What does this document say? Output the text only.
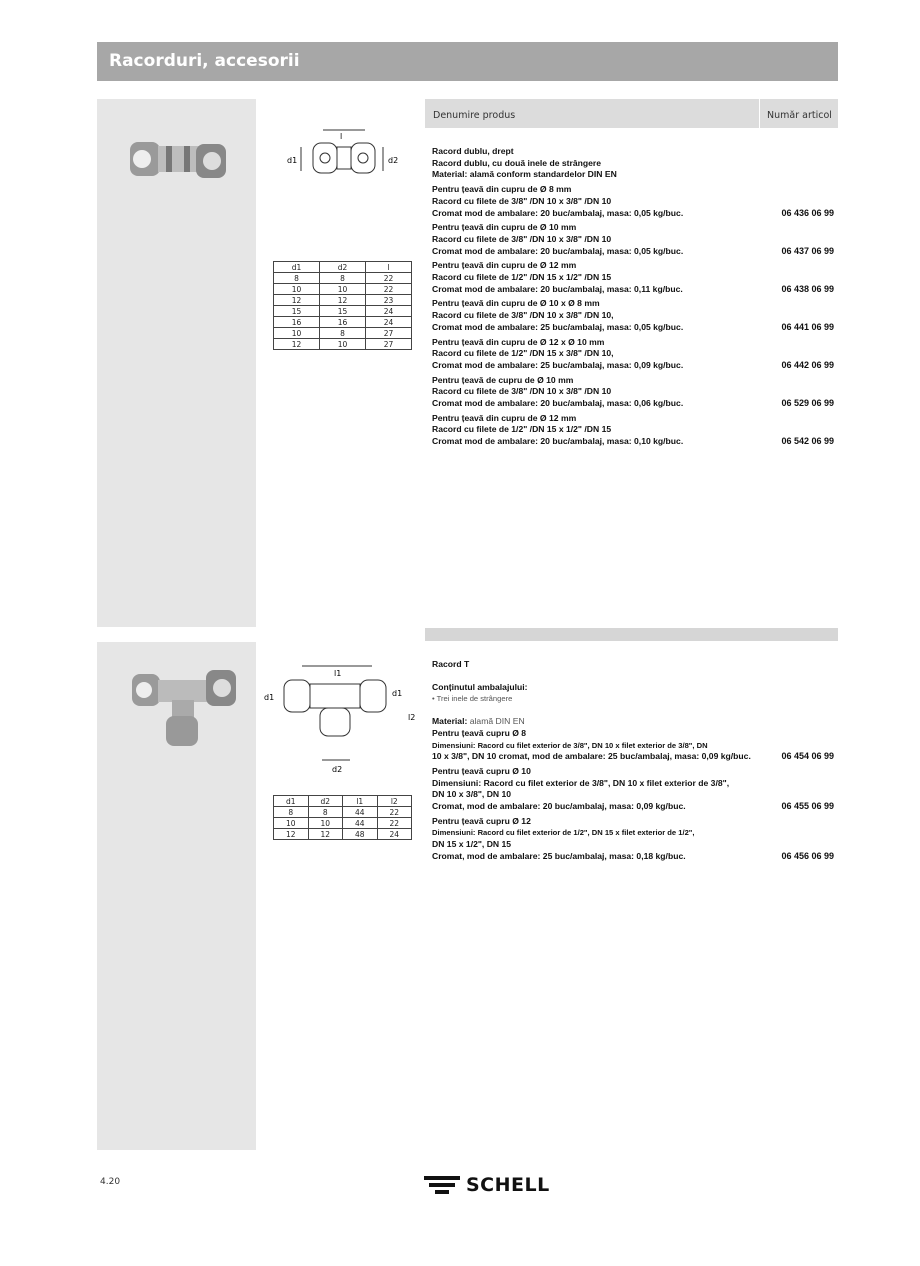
Racorduri, accesorii
l
d1	d2
d1	d2	l
8	8	22
10	10	22
12	12	23
15	15	24
16	16	24
10	8	27
12	10	27
Denumire produs	Număr articol
Racord dublu, drept
Racord dublu, cu două inele de strângere
Material: alamă conform standardelor DIN EN
Pentru țeavă din cupru de Ø 8 mm
Racord cu filete de 3/8" /DN 10 x 3/8" /DN 10
Cromat mod de ambalare: 20 buc/ambalaj, masa: 0,05 kg/buc.	06 436 06 99
Pentru țeavă din cupru de Ø 10 mm
Racord cu filete de 3/8" /DN 10 x 3/8" /DN 10
Cromat mod de ambalare: 20 buc/ambalaj, masa: 0,05 kg/buc.	06 437 06 99
Pentru țeavă din cupru de Ø 12 mm
Racord cu filete de 1/2" /DN 15 x 1/2" /DN 15
Cromat mod de ambalare: 20 buc/ambalaj, masa: 0,11 kg/buc.	06 438 06 99
Pentru țeavă din cupru de Ø 10 x Ø 8 mm
Racord cu filete de 3/8" /DN 10 x 3/8" /DN 10,
Cromat mod de ambalare: 25 buc/ambalaj, masa: 0,05 kg/buc.	06 441 06 99
Pentru țeavă din cupru de Ø 12 x Ø 10 mm
Racord cu filete de 1/2" /DN 15 x 3/8" /DN 10,
Cromat mod de ambalare: 25 buc/ambalaj, masa: 0,09 kg/buc.	06 442 06 99
Pentru țeavă de cupru de Ø 10 mm
Racord cu filete de 3/8" /DN 10 x 3/8" /DN 10
Cromat mod de ambalare: 20 buc/ambalaj, masa: 0,06 kg/buc.	06 529 06 99
Pentru țeavă din cupru de Ø 12 mm
Racord cu filete de 1/2" /DN 15 x 1/2" /DN 15
Cromat mod de ambalare: 20 buc/ambalaj, masa: 0,10 kg/buc.	06 542 06 99
l1
d1	d1
l2
d2
d1	d2	l1	l2
8	8	44	22
10	10	44	22
12	12	48	24
Racord T
Conținutul ambalajului:
• Trei inele de strângere
Material: alamă DIN EN
Pentru țeavă cupru Ø 8
Dimensiuni: Racord cu filet exterior de 3/8", DN 10 x filet exterior de 3/8", DN
10 x 3/8", DN 10 cromat, mod de ambalare: 25 buc/ambalaj, masa: 0,09 kg/buc.	06 454 06 99
Pentru țeavă cupru Ø 10
Dimensiuni: Racord cu filet exterior de 3/8", DN 10 x filet exterior de 3/8",
DN 10 x 3/8", DN 10
Cromat, mod de ambalare: 20 buc/ambalaj, masa: 0,09 kg/buc.	06 455 06 99
Pentru țeavă cupru Ø 12
Dimensiuni: Racord cu filet exterior de 1/2", DN 15 x filet exterior de 1/2",
DN 15 x 1/2", DN 15
Cromat, mod de ambalare: 25 buc/ambalaj, masa: 0,18 kg/buc.	06 456 06 99
4.20	SCHELL
